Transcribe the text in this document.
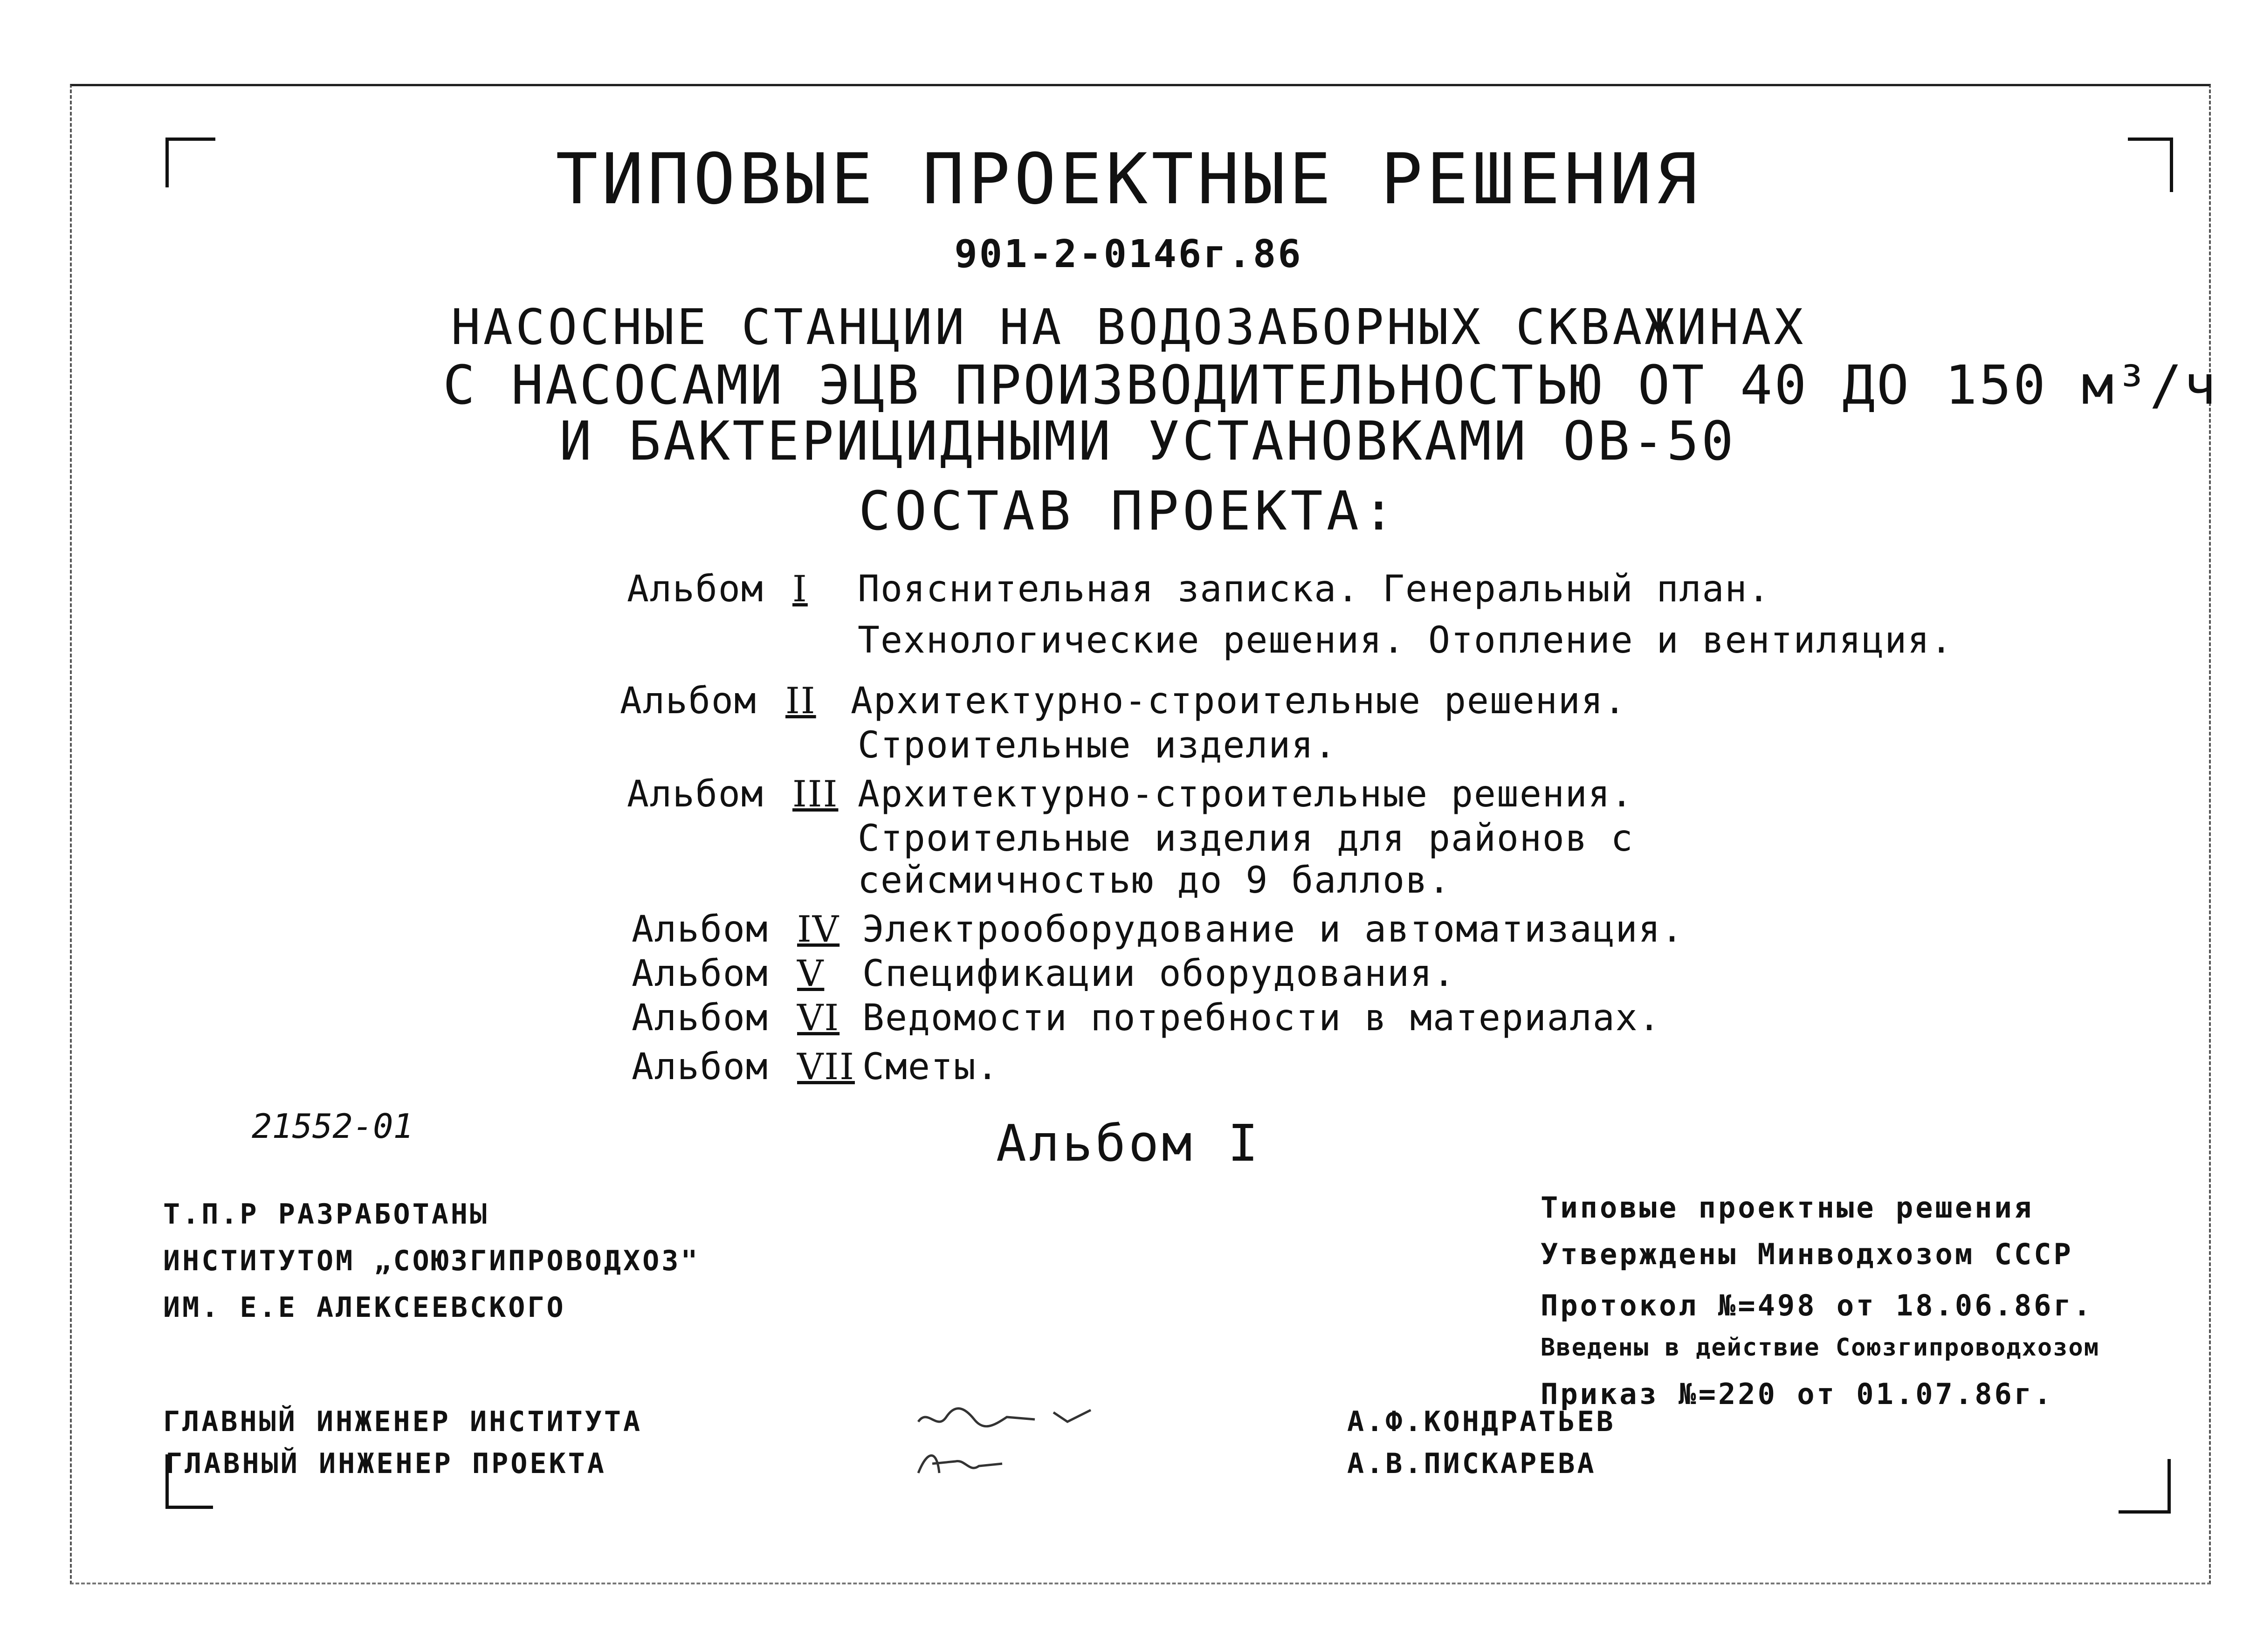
ТИПОВЫЕ ПРОЕКТНЫЕ РЕШЕНИЯ
901-2-0146г.86
НАСОСНЫЕ СТАНЦИИ НА ВОДОЗАБОРНЫХ СКВАЖИНАХ
С НАСОСАМИ ЭЦВ ПРОИЗВОДИТЕЛЬНОСТЬЮ ОТ 40 ДО 150 м³/ч
И БАКТЕРИЦИДНЫМИ УСТАНОВКАМИ ОВ-50
СОСТАВ ПРОЕКТА:
Альбом I Пояснительная записка. Генеральный план.
Технологические решения. Отопление и вентиляция.
Альбом II Архитектурно-строительные решения.
Строительные изделия.
Альбом III Архитектурно-строительные решения.
Строительные изделия для районов с
сейсмичностью до 9 баллов.
Альбом IV Электрооборудование и автоматизация.
Альбом V Спецификации оборудования.
Альбом VI Ведомости потребности в материалах.
Альбом VII Сметы.
21552-01	Альбом I
Т.П.Р РАЗРАБОТАНЫ
ИНСТИТУТОМ „СОЮЗГИПРОВОДХОЗ"
ИМ. Е.Е АЛЕКСЕЕВСКОГО
Типовые проектные решения
Утверждены Минводхозом СССР
Протокол №=498 от 18.06.86г.
Введены в действие Союзгипроводхозом
Приказ №=220 от 01.07.86г.
ГЛАВНЫЙ ИНЖЕНЕР ИНСТИТУТА	А.Ф.КОНДРАТЬЕВ
ГЛАВНЫЙ ИНЖЕНЕР ПРОЕКТА	А.В.ПИСКАРЕВА
